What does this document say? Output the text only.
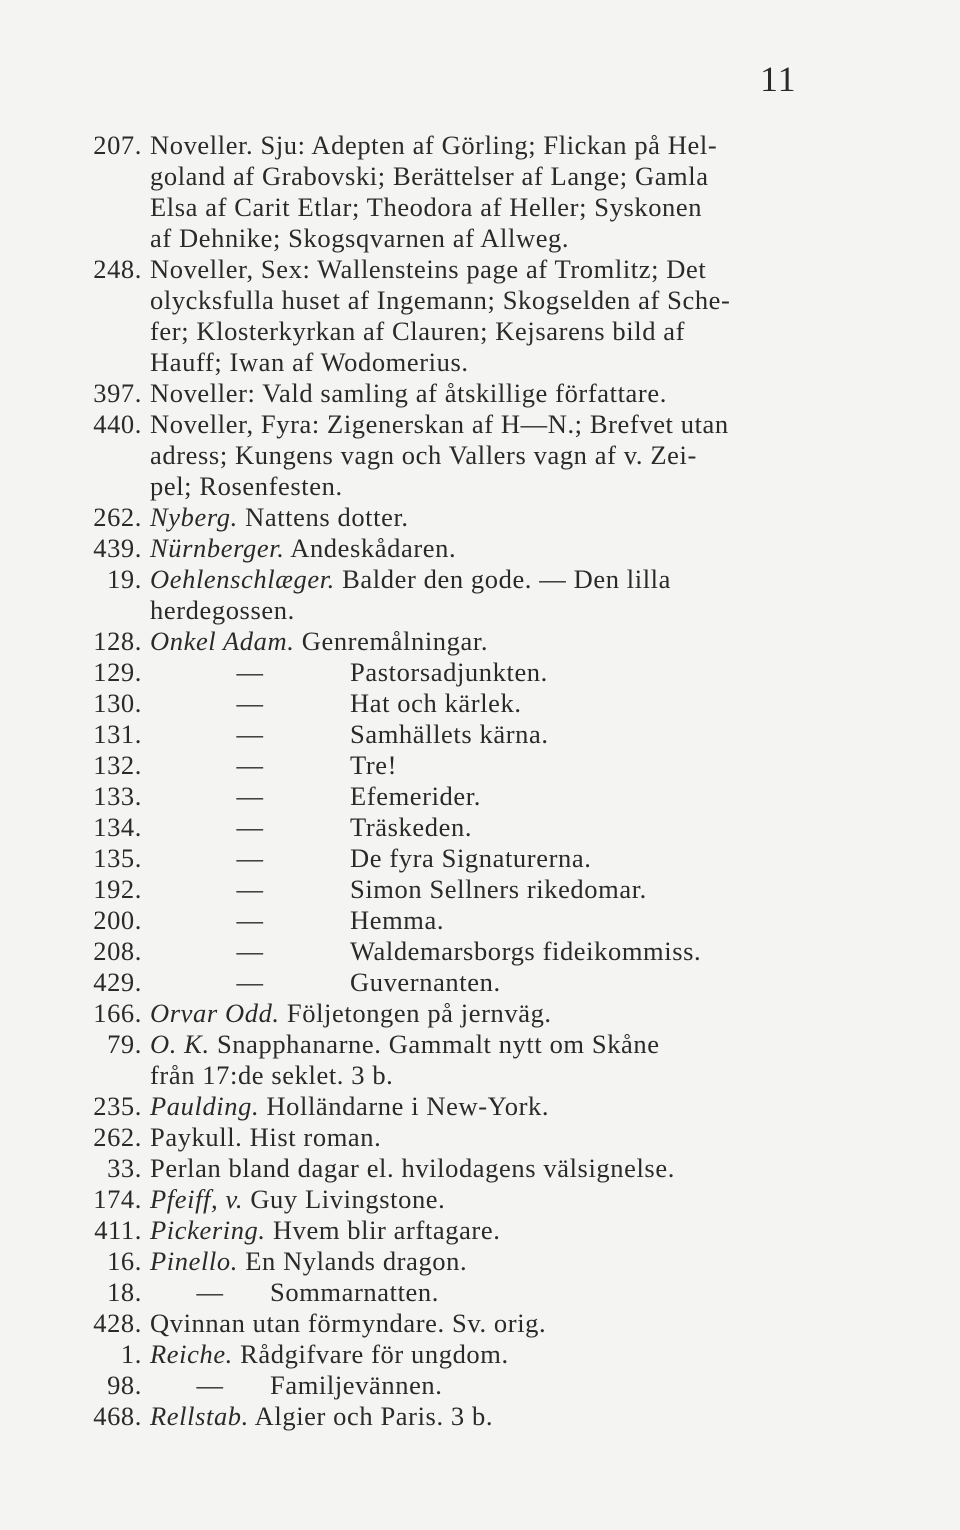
11
207. Noveller. Sju: Adepten af Görling; Flickan på Hel-
goland af Grabovski; Berättelser af Lange; Gamla
Elsa af Carit Etlar; Theodora af Heller; Syskonen
af Dehnike; Skogsqvarnen af Allweg.
248. Noveller, Sex: Wallensteins page af Tromlitz; Det
olycksfulla huset af Ingemann; Skogselden af Sche-
fer; Klosterkyrkan af Clauren; Kejsarens bild af
Hauff; Iwan af Wodomerius.
397. Noveller: Vald samling af åtskillige författare.
440. Noveller, Fyra: Zigenerskan af H—N.; Brefvet utan
adress; Kungens vagn och Vallers vagn af v. Zei-
pel; Rosenfesten.
262. Nyberg. Nattens dotter.
439. Nürnberger. Andeskådaren.
19. Oehlenschlæger. Balder den gode. — Den lilla
herdegossen.
128. Onkel Adam. Genremålningar.
129.	—	Pastorsadjunkten.
130.	—	Hat och kärlek.
131.	—	Samhällets kärna.
132.	—	Tre!
133.	—	Efemerider.
134.	—	Träskeden.
135.	—	De fyra Signaturerna.
192.	—	Simon Sellners rikedomar.
200.	—	Hemma.
208.	—	Waldemarsborgs fideikommiss.
429.	—	Guvernanten.
166. Orvar Odd. Följetongen på jernväg.
79. O. K. Snapphanarne. Gammalt nytt om Skåne
från 17:de seklet. 3 b.
235. Paulding. Holländarne i New-York.
262. Paykull. Hist roman.
33. Perlan bland dagar el. hvilodagens välsignelse.
174. Pfeiff, v. Guy Livingstone.
411. Pickering. Hvem blir arftagare.
16. Pinello. En Nylands dragon.
18.	— Sommarnatten.
428. Qvinnan utan förmyndare. Sv. orig.
1. Reiche. Rådgifvare för ungdom.
98.	— Familjevännen.
468. Rellstab. Algier och Paris. 3 b.
